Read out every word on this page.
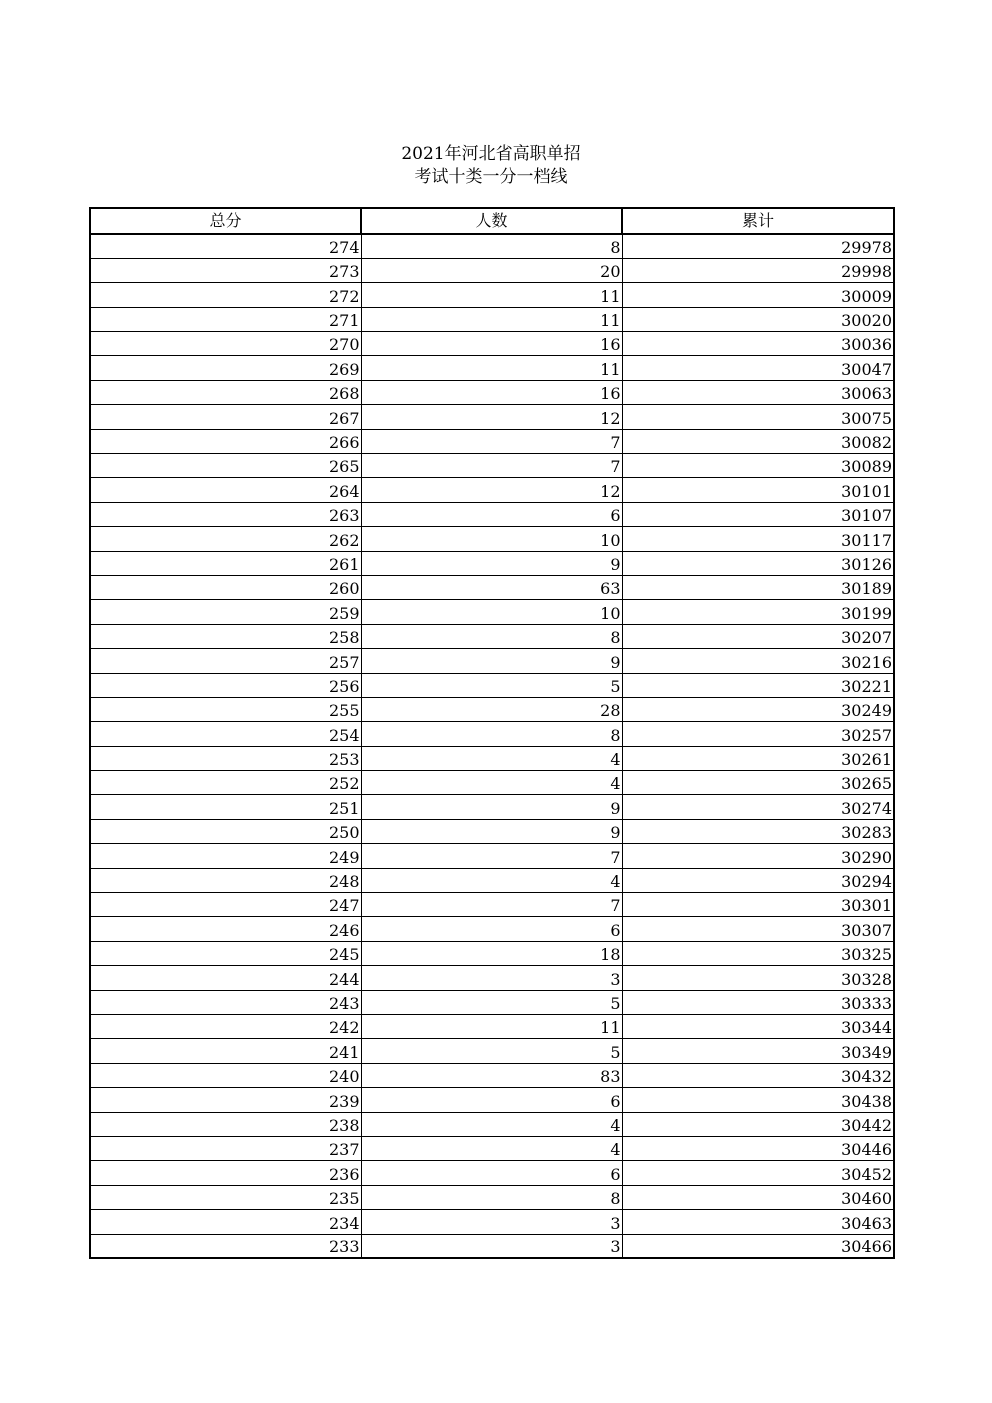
2021年河北省高职单招
考试十类一分一档线
总分	人数	累计
274	8	29978
273	20	29998
272	11	30009
271	11	30020
270	16	30036
269	11	30047
268	16	30063
267	12	30075
266	7	30082
265	7	30089
264	12	30101
263	6	30107
262	10	30117
261	9	30126
260	63	30189
259	10	30199
258	8	30207
257	9	30216
256	5	30221
255	28	30249
254	8	30257
253	4	30261
252	4	30265
251	9	30274
250	9	30283
249	7	30290
248	4	30294
247	7	30301
246	6	30307
245	18	30325
244	3	30328
243	5	30333
242	11	30344
241	5	30349
240	83	30432
239	6	30438
238	4	30442
237	4	30446
236	6	30452
235	8	30460
234	3	30463
233	3	30466
